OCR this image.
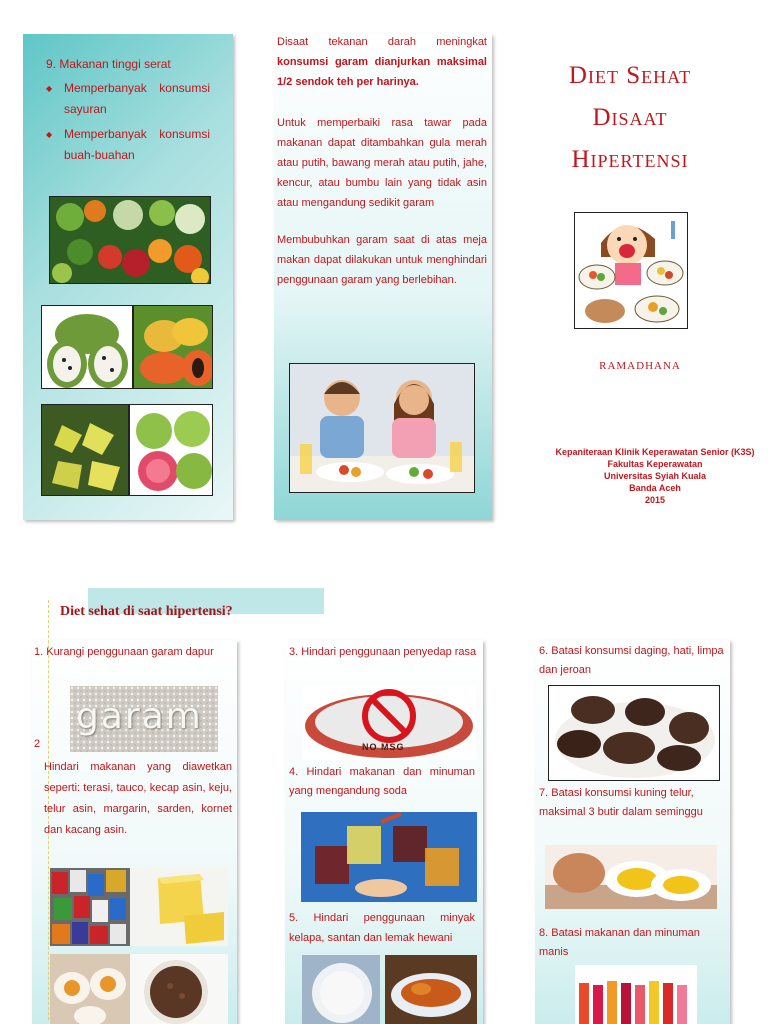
9. Makanan tinggi serat
◆ Memperbanyak konsumsi sayuran
◆ Memperbanyak konsumsi buah-buahan
Disaat tekanan darah meningkat konsumsi garam dianjurkan maksimal 1/2 sendok teh per harinya.
Untuk memperbaiki rasa tawar pada makanan dapat ditambahkan gula merah atau putih, bawang merah atau putih, jahe, kencur, atau bumbu lain yang tidak asin atau mengandung sedikit garam
Membubuhkan garam saat di atas meja makan dapat dilakukan untuk menghindari penggunaan garam yang berlebihan.
Diet Sehat
Disaat
Hipertensi
RAMADHANA
Kepaniteraan Klinik Keperawatan Senior (K3S)
Fakultas Keperawatan
Universitas Syiah Kuala
Banda Aceh
2015
Diet sehat di saat hipertensi?
1. Kurangi penggunaan garam dapur
garam
2
Hindari makanan yang diawetkan seperti: terasi, tauco, kecap asin, keju, telur asin, margarin, sarden, kornet dan kacang asin.
3. Hindari penggunaan penyedap rasa
NO MSG
4. Hindari makanan dan minuman yang mengandung soda
5. Hindari penggunaan minyak kelapa, santan dan lemak hewani
6. Batasi konsumsi daging, hati, limpa dan jeroan
7. Batasi konsumsi kuning telur, maksimal 3 butir dalam seminggu
8. Batasi makanan dan minuman manis
